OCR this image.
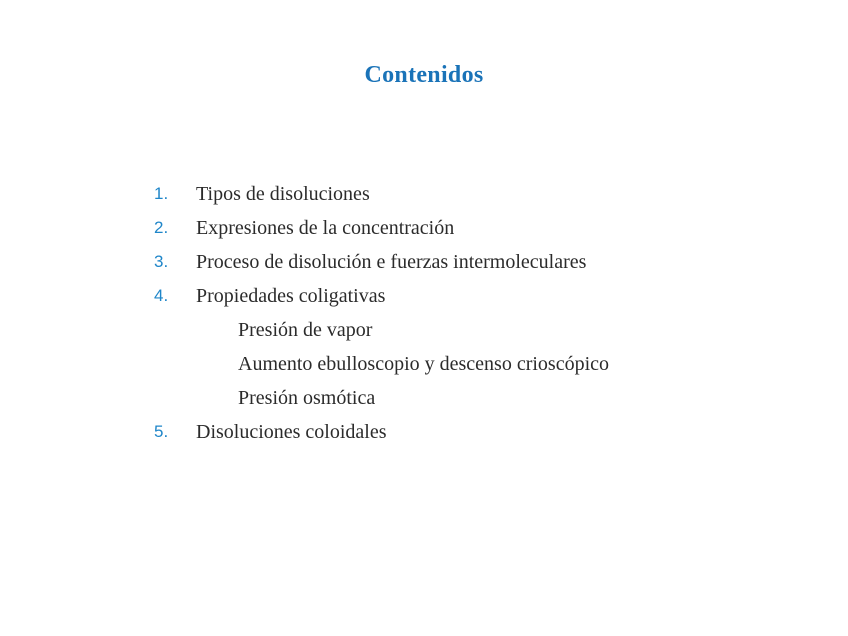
Contenidos
1.	Tipos de disoluciones
2.	Expresiones de la concentración
3.	Proceso de disolución e fuerzas intermoleculares
4.	Propiedades coligativas
Presión de vapor
Aumento ebulloscopio y descenso crioscópico
Presión osmótica
5.	Disoluciones coloidales
